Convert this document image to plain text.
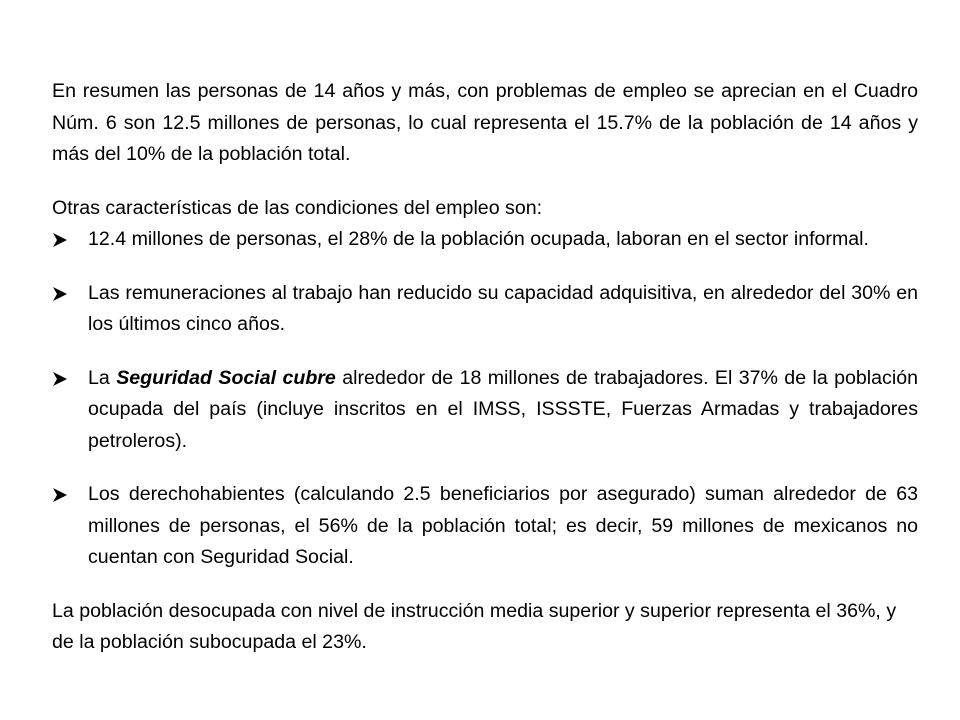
En resumen las personas de 14 años y más, con problemas de empleo se aprecian en el Cuadro Núm. 6 son 12.5 millones de personas, lo cual representa el 15.7% de la población de 14 años y más del 10% de la población total.

Otras características de las condiciones del empleo son:

12.4 millones de personas, el 28% de la población ocupada, laboran en el sector informal.

Las remuneraciones al trabajo han reducido su capacidad adquisitiva, en alrededor del 30% en los últimos cinco años.

La Seguridad Social cubre alrededor de 18 millones de trabajadores. El 37% de la población ocupada del país (incluye inscritos en el IMSS, ISSSTE, Fuerzas Armadas y trabajadores petroleros).

Los derechohabientes (calculando 2.5 beneficiarios por asegurado) suman alrededor de 63 millones de personas, el 56% de la población total; es decir, 59 millones de mexicanos no cuentan con Seguridad Social.

La población desocupada con nivel de instrucción media superior y superior representa el 36%, y de la población subocupada el 23%.
